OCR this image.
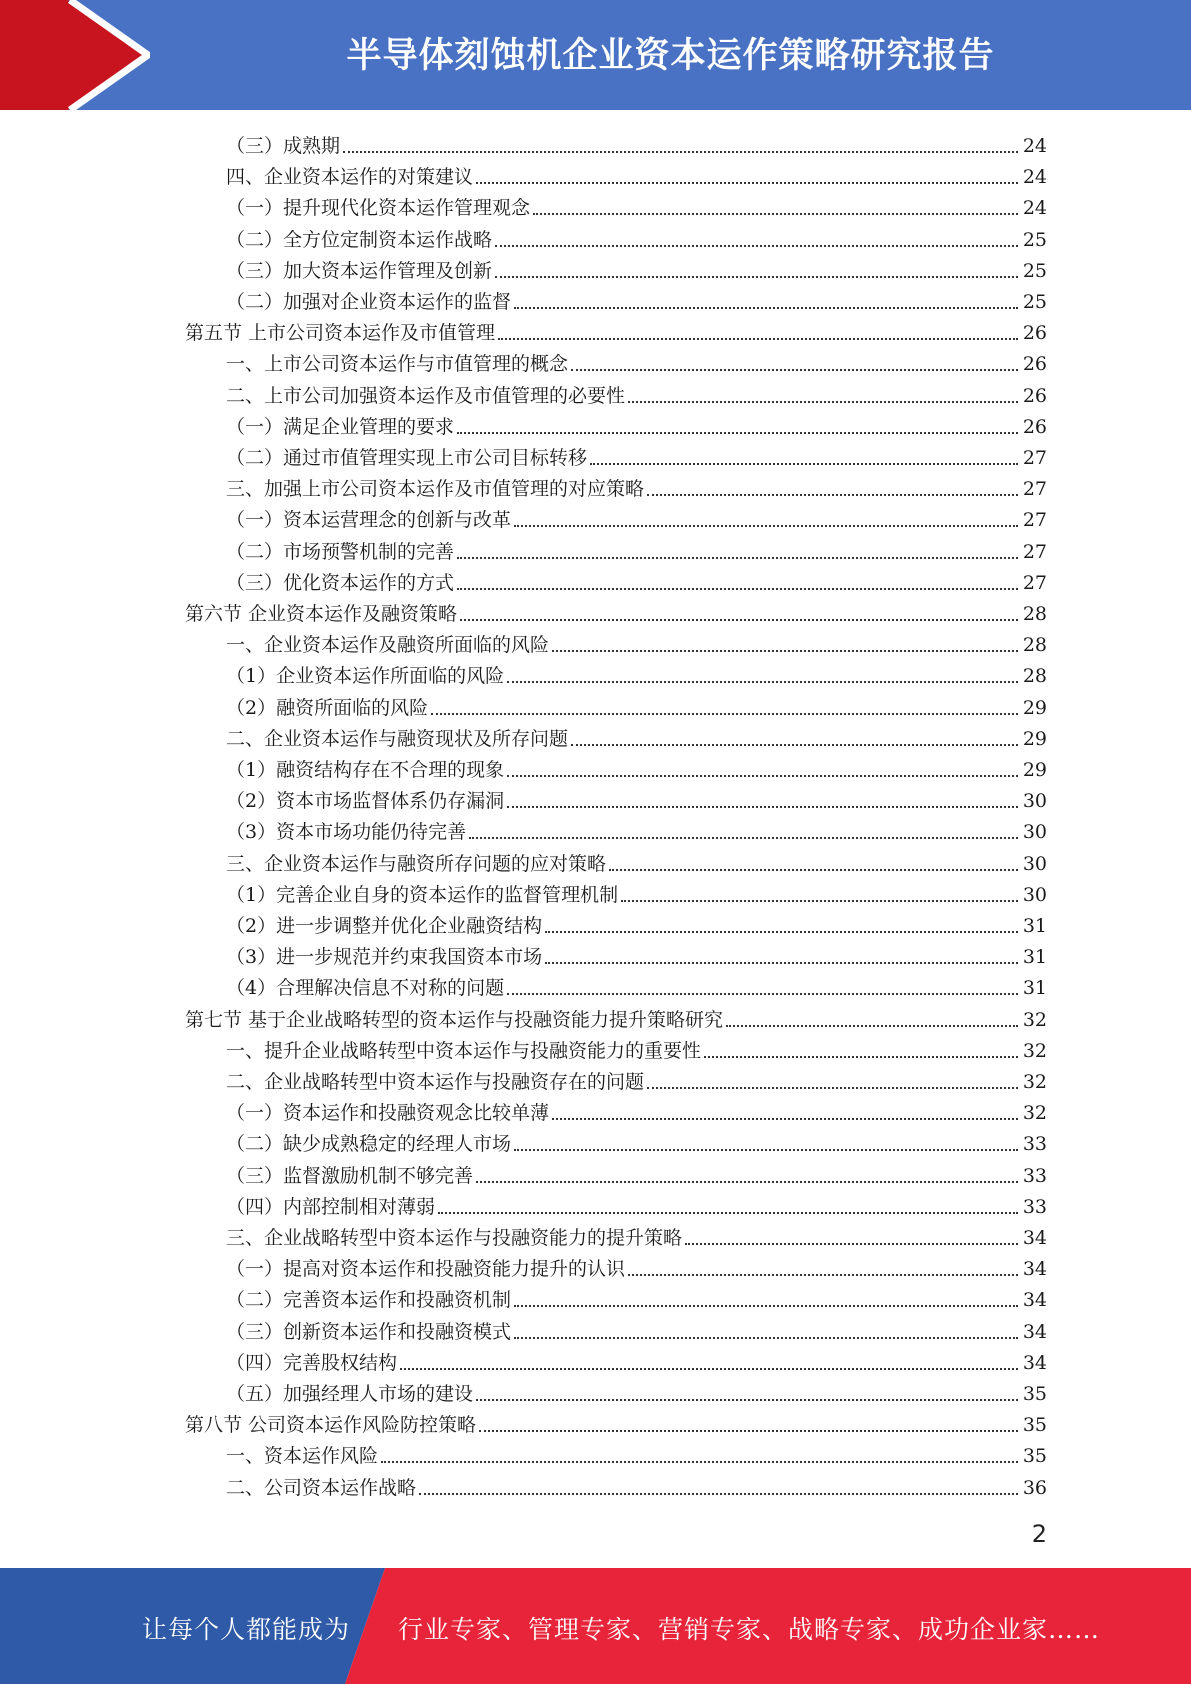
半导体刻蚀机企业资本运作策略研究报告
（三）成熟期	24
四、企业资本运作的对策建议	24
（一）提升现代化资本运作管理观念	24
（二）全方位定制资本运作战略	25
（三）加大资本运作管理及创新	25
（二）加强对企业资本运作的监督	25
第五节 上市公司资本运作及市值管理	26
一、上市公司资本运作与市值管理的概念	26
二、上市公司加强资本运作及市值管理的必要性	26
（一）满足企业管理的要求	26
（二）通过市值管理实现上市公司目标转移	27
三、加强上市公司资本运作及市值管理的对应策略	27
（一）资本运营理念的创新与改革	27
（二）市场预警机制的完善	27
（三）优化资本运作的方式	27
第六节 企业资本运作及融资策略	28
一、企业资本运作及融资所面临的风险	28
（1）企业资本运作所面临的风险	28
（2）融资所面临的风险	29
二、企业资本运作与融资现状及所存问题	29
（1）融资结构存在不合理的现象	29
（2）资本市场监督体系仍存漏洞	30
（3）资本市场功能仍待完善	30
三、企业资本运作与融资所存问题的应对策略	30
（1）完善企业自身的资本运作的监督管理机制	30
（2）进一步调整并优化企业融资结构	31
（3）进一步规范并约束我国资本市场	31
（4）合理解决信息不对称的问题	31
第七节 基于企业战略转型的资本运作与投融资能力提升策略研究	32
一、提升企业战略转型中资本运作与投融资能力的重要性	32
二、企业战略转型中资本运作与投融资存在的问题	32
（一）资本运作和投融资观念比较单薄	32
（二）缺少成熟稳定的经理人市场	33
（三）监督激励机制不够完善	33
（四）内部控制相对薄弱	33
三、企业战略转型中资本运作与投融资能力的提升策略	34
（一）提高对资本运作和投融资能力提升的认识	34
（二）完善资本运作和投融资机制	34
（三）创新资本运作和投融资模式	34
（四）完善股权结构	34
（五）加强经理人市场的建设	35
第八节 公司资本运作风险防控策略	35
一、资本运作风险	35
二、公司资本运作战略	36
2
让每个人都能成为 行业专家、管理专家、营销专家、战略专家、成功企业家……
